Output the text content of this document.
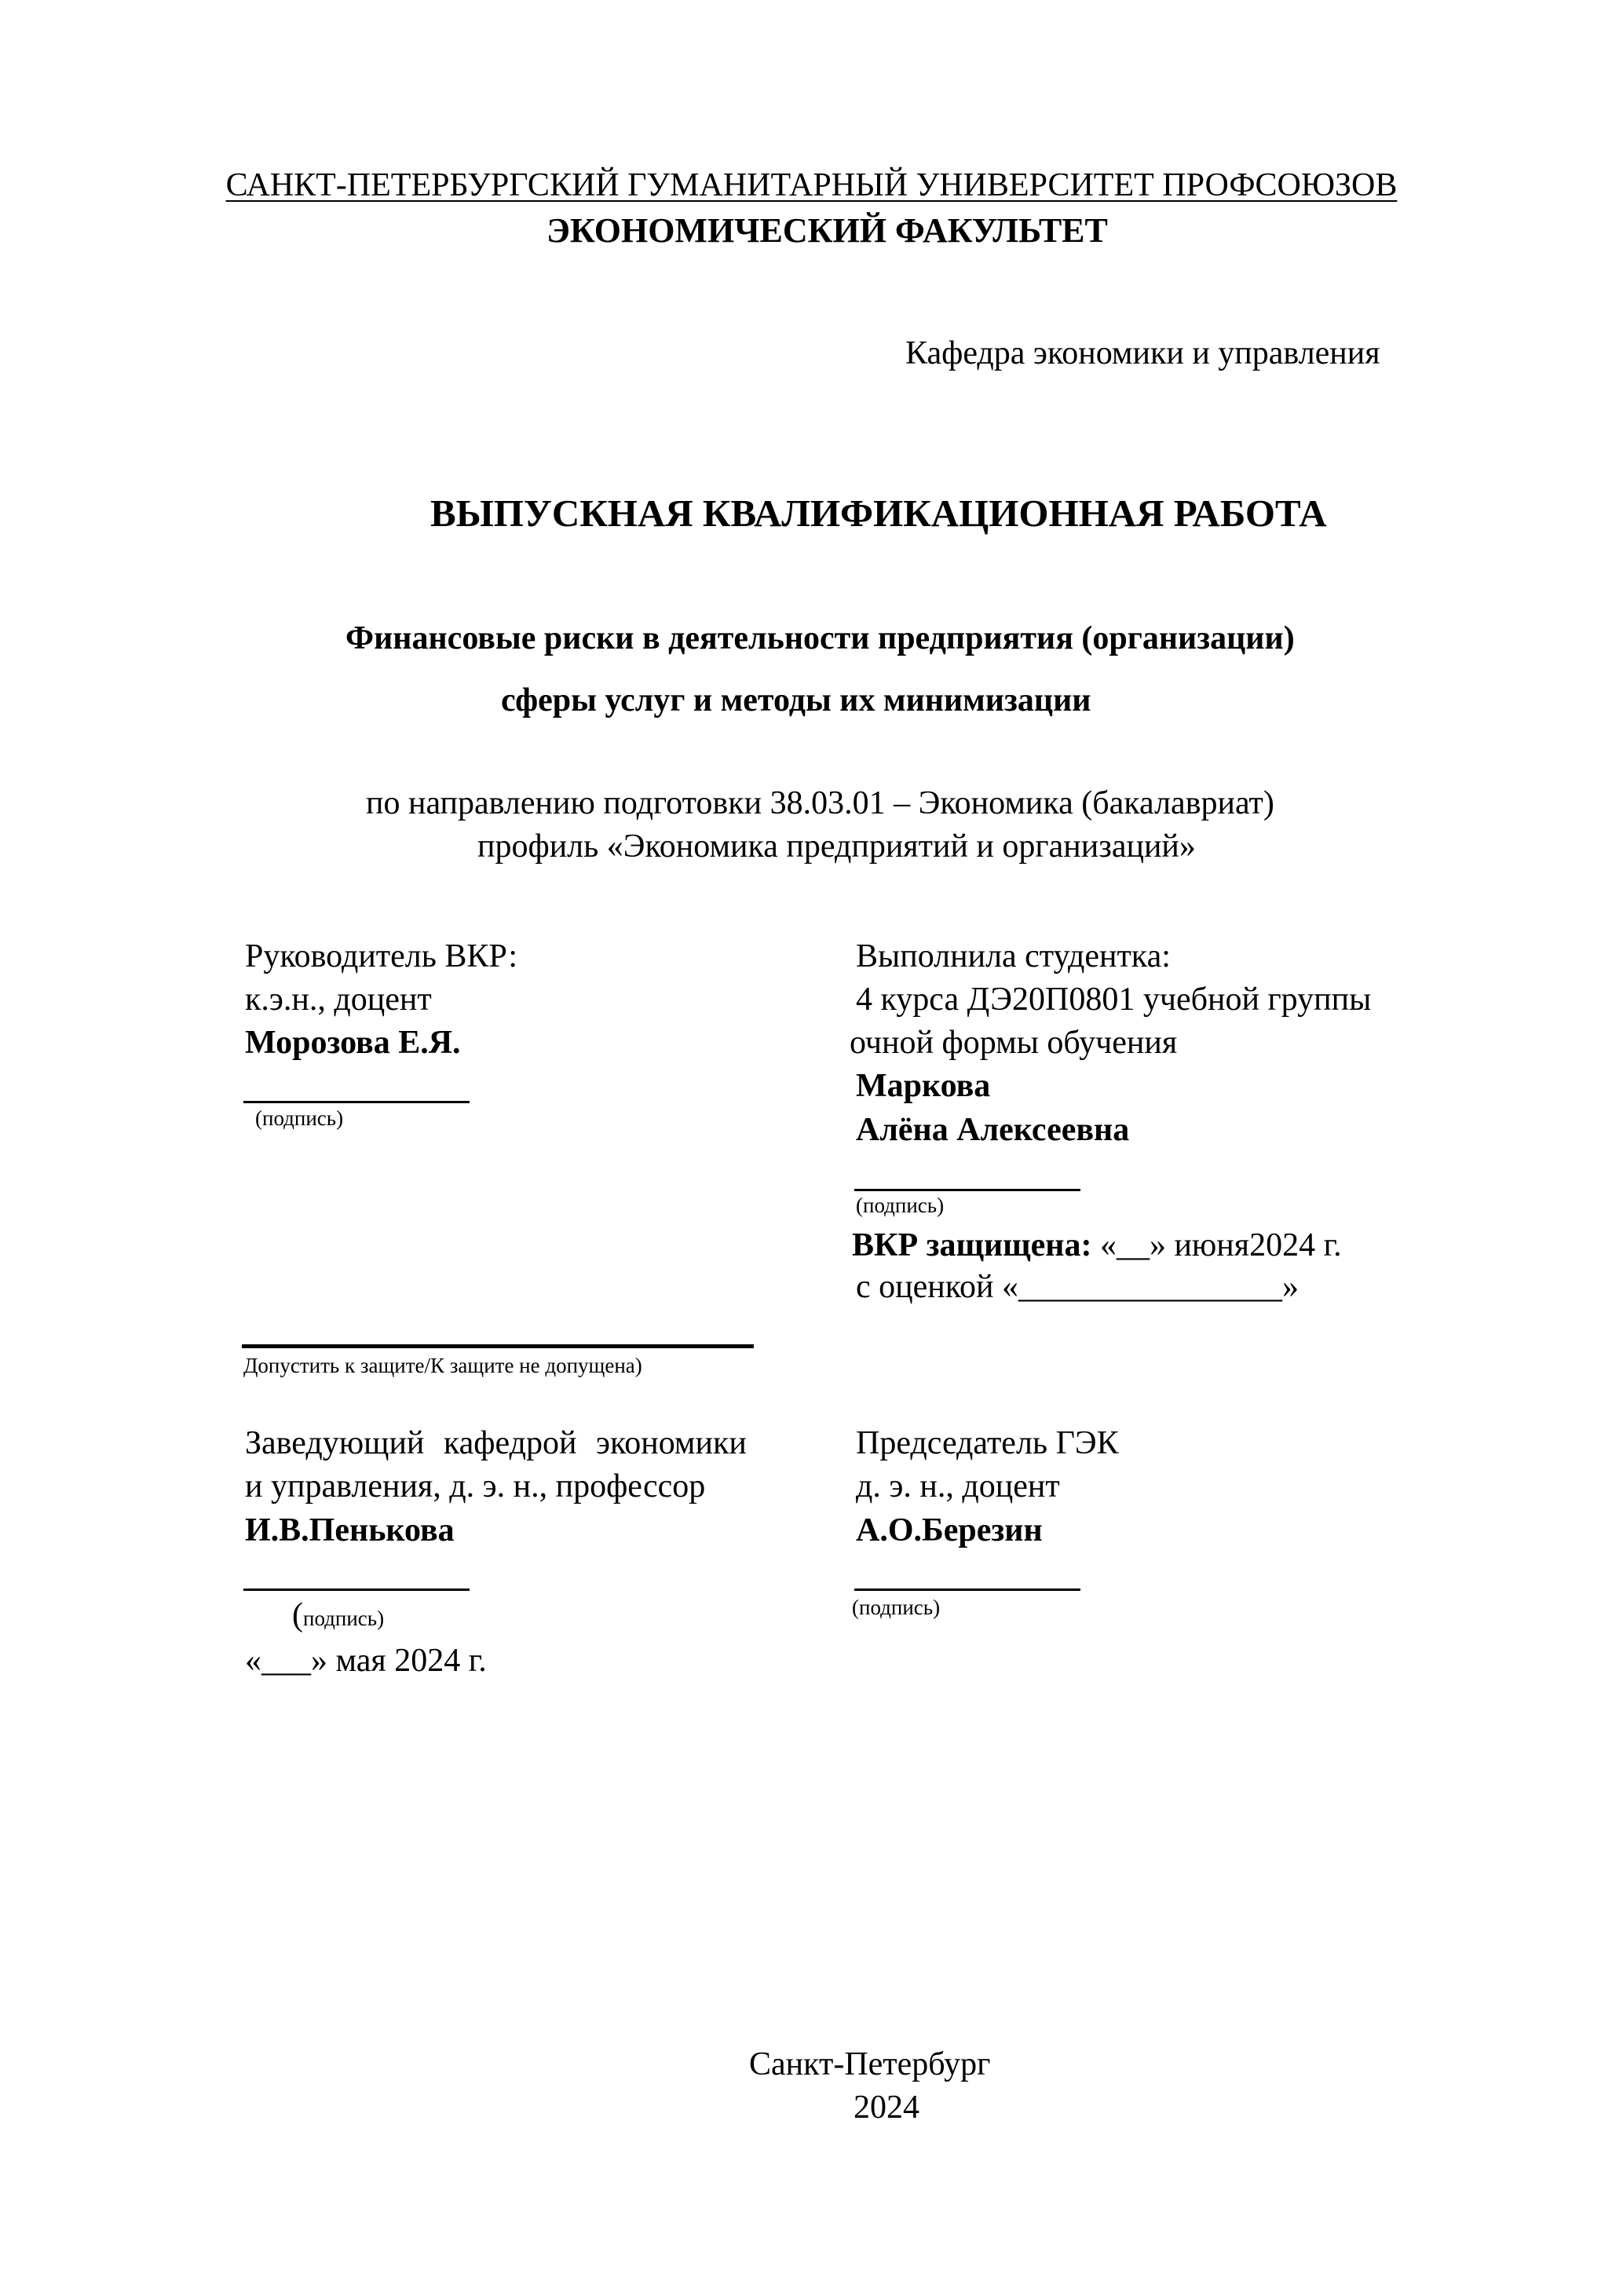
САНКТ-ПЕТЕРБУРГСКИЙ ГУМАНИТАРНЫЙ УНИВЕРСИТЕТ ПРОФСОЮЗОВ
ЭКОНОМИЧЕСКИЙ ФАКУЛЬТЕТ
Кафедра экономики и управления
ВЫПУСКНАЯ КВАЛИФИКАЦИОННАЯ РАБОТА
Финансовые риски в деятельности предприятия (организации)
сферы услуг и методы их минимизации
по направлению подготовки 38.03.01 – Экономика (бакалавриат)
профиль «Экономика предприятий и организаций»
Руководитель ВКР:
к.э.н., доцент
Морозова Е.Я.
(подпись)
Выполнила студентка:
4 курса ДЭ20П0801 учебной группы
очной формы обучения
Маркова
Алёна Алексеевна
(подпись)
ВКР защищена: «__» июня2024 г.
с оценкой «________________»
Допустить к защите/К защите не допущена)
Заведующий кафедрой экономики
и управления, д. э. н., профессор
И.В.Пенькова
(подпись)
«___» мая 2024 г.
Председатель ГЭК
д. э. н., доцент
А.О.Березин
(подпись)
Санкт-Петербург
2024
